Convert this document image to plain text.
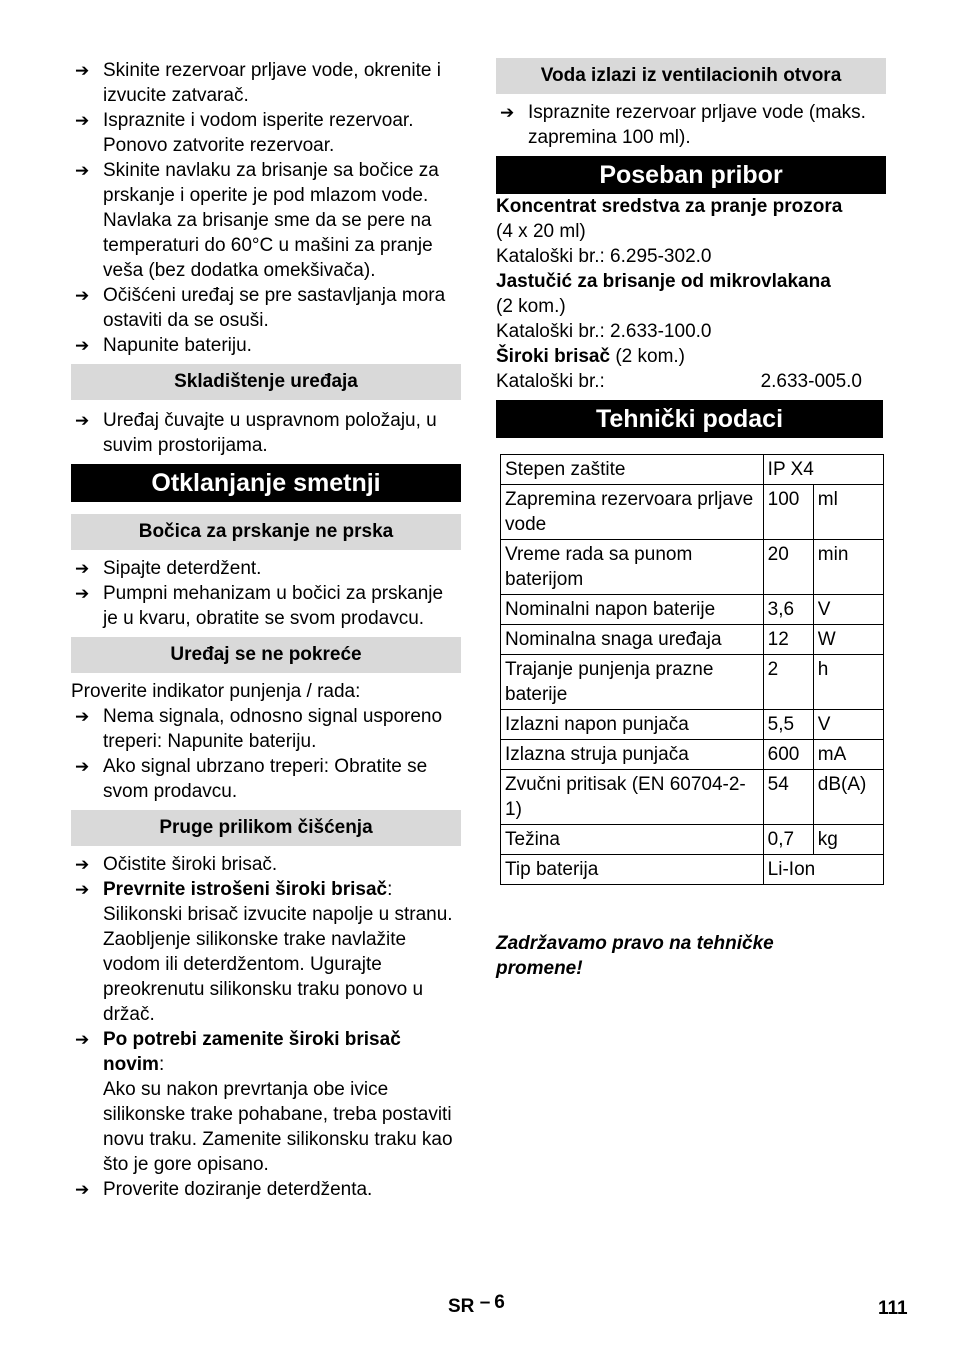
➔ Skinite rezervoar prljave vode, okrenite i izvucite zatvarač.
➔ Ispraznite i vodom isperite rezervoar. Ponovo zatvorite rezervoar.
➔ Skinite navlaku za brisanje sa bočice za prskanje i operite je pod mlazom vode. Navlaka za brisanje sme da se pere na temperaturi do 60°C u mašini za pranje veša (bez dodatka omekšivača).
➔ Očišćeni uređaj se pre sastavljanja mora ostaviti da se osuši.
➔ Napunite bateriju.
Skladištenje uređaja
➔ Uređaj čuvajte u uspravnom položaju, u suvim prostorijama.
Otklanjanje smetnji
Bočica za prskanje ne prska
➔ Sipajte deterdžent.
➔ Pumpni mehanizam u bočici za prskanje je u kvaru, obratite se svom prodavcu.
Uređaj se ne pokreće
Proverite indikator punjenja / rada:
➔ Nema signala, odnosno signal usporeno treperi: Napunite bateriju.
➔ Ako signal ubrzano treperi: Obratite se svom prodavcu.
Pruge prilikom čišćenja
➔ Očistite široki brisač.
➔ Prevrnite istrošeni široki brisač:
Silikonski brisač izvucite napolje u stranu. Zaobljenje silikonske trake navlažite vodom ili deterdžentom. Ugurajte preokrenutu silikonsku traku ponovo u držač.
➔ Po potrebi zamenite široki brisač novim:
Ako su nakon prevrtanja obe ivice silikonske trake pohabane, treba postaviti novu traku. Zamenite silikonsku traku kao što je gore opisano.
➔ Proverite doziranje deterdženta.
Voda izlazi iz ventilacionih otvora
➔ Ispraznite rezervoar prljave vode (maks. zapremina 100 ml).
Poseban pribor
Koncentrat sredstva za pranje prozora
(4 x 20 ml)
Kataloški br.: 6.295-302.0
Jastučić za brisanje od mikrovlakana
(2 kom.)
Kataloški br.: 2.633-100.0
Široki brisač (2 kom.)
Kataloški br.:	2.633-005.0
Tehnički podaci
Stepen zaštite	IP X4	
Zapremina rezervoara prljave vode	100	ml
Vreme rada sa punom baterijom	20	min
Nominalni napon baterije	3,6	V
Nominalna snaga uređaja	12	W
Trajanje punjenja prazne baterije	2	h
Izlazni napon punjača	5,5	V
Izlazna struja punjača	600	mA
Zvučni pritisak (EN 60704-2-1)	54	dB(A)
Težina	0,7	kg
Tip baterija	Li-Ion	
Zadržavamo pravo na tehničke promene!
SR – 6	111
